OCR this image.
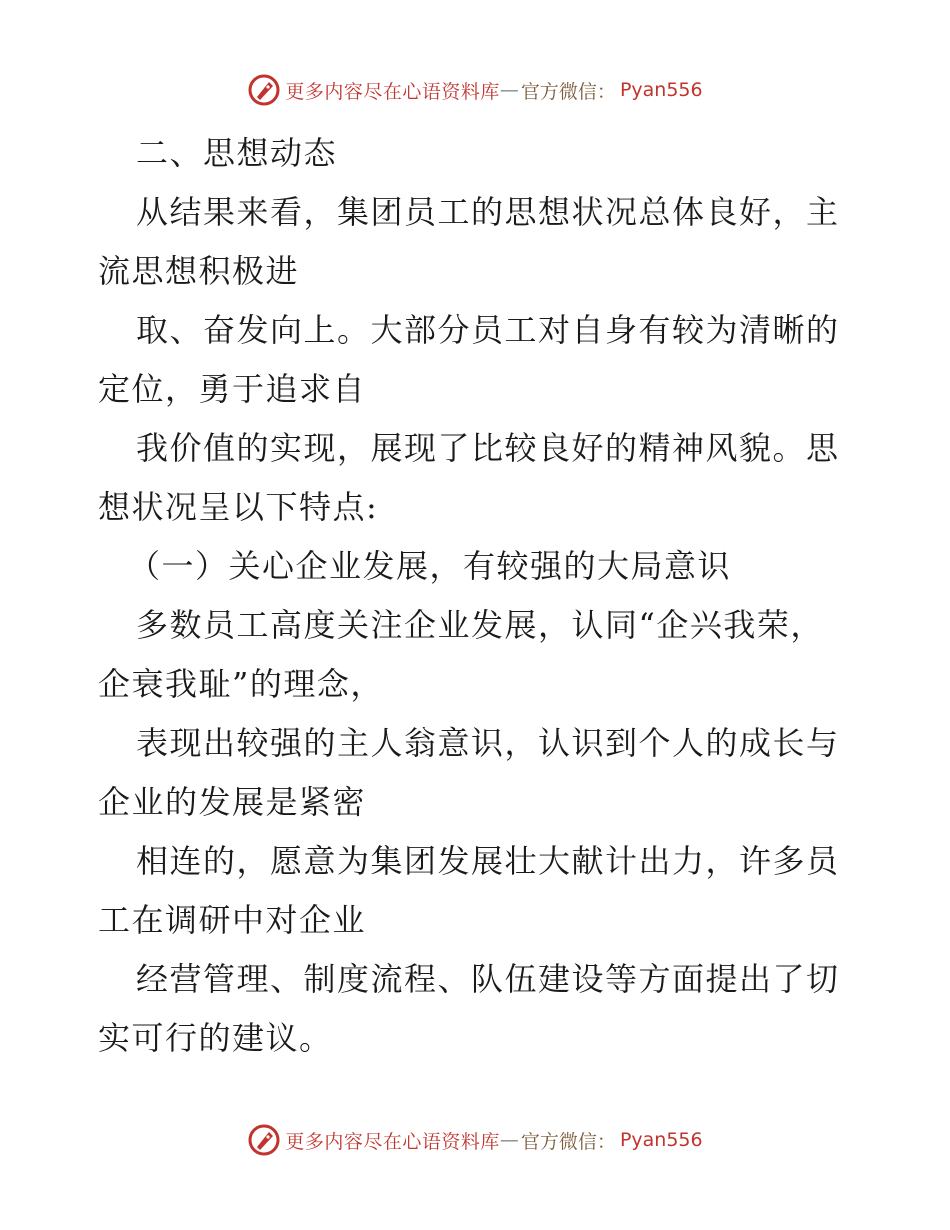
更多内容尽在心语资料库 — 官方微信： Pyan556
二、思想动态
从结果来看，集团员工的思想状况总体良好，主
流思想积极进
取、奋发向上。大部分员工对自身有较为清晰的
定位，勇于追求自
我价值的实现，展现了比较良好的精神风貌。思
想状况呈以下特点:
（一）关心企业发展，有较强的大局意识
多数员工高度关注企业发展，认同“企兴我荣，
企衰我耻”的理念，
表现出较强的主人翁意识，认识到个人的成长与
企业的发展是紧密
相连的，愿意为集团发展壮大献计出力，许多员
工在调研中对企业
经营管理、制度流程、队伍建设等方面提出了切
实可行的建议。
更多内容尽在心语资料库 — 官方微信： Pyan556
